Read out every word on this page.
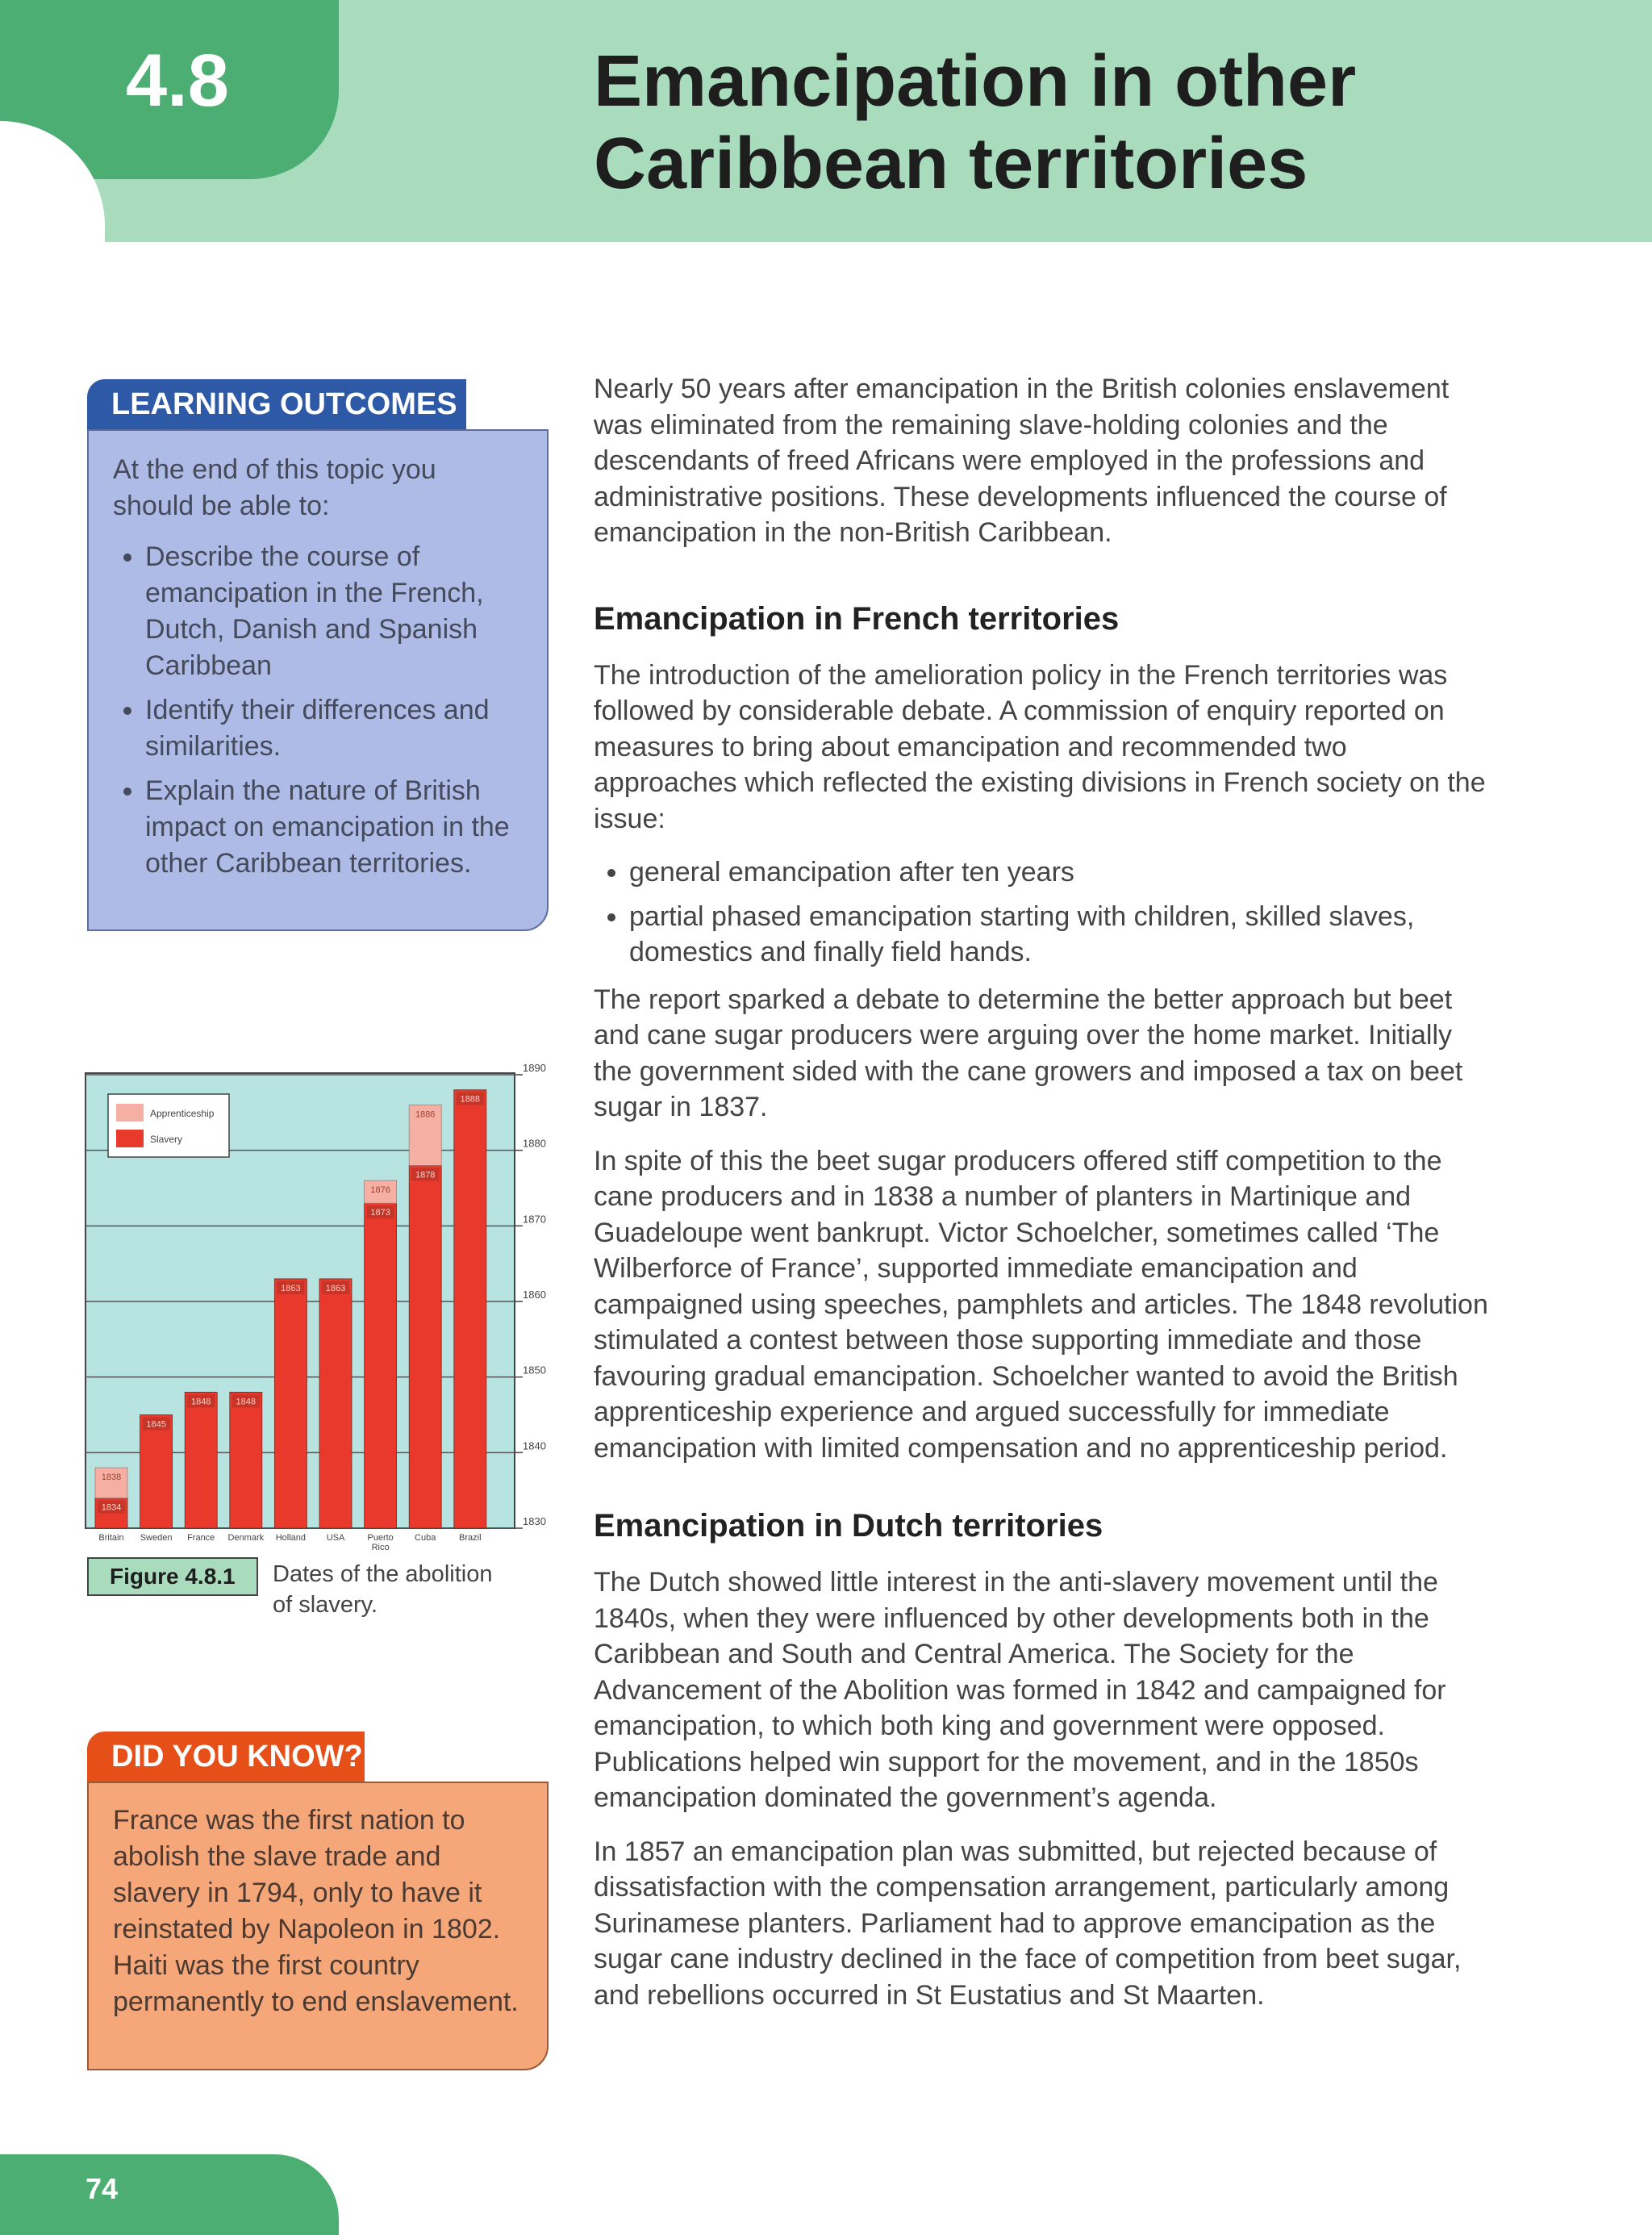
4.8	Emancipation in other
Caribbean territories
LEARNING OUTCOMES

At the end of this topic you should be able to:

• Describe the course of emancipation in the French, Dutch, Danish and Spanish Caribbean
• Identify their differences and similarities.
• Explain the nature of British impact on emancipation in the other Caribbean territories.
1830
1840
1850
1860
1870
1880
1890
1834
1838
1845
1848	1848
1863	1863
1873
1876
1878
1886
1888
Apprenticeship
Slavery
Figure 4.8.1	Dates of the abolition of slavery.
DID YOU KNOW?
France was the first nation to abolish the slave trade and slavery in 1794, only to have it reinstated by Napoleon in 1802. Haiti was the first country permanently to end enslavement.

Nearly 50 years after emancipation in the British colonies enslavement was eliminated from the remaining slave-holding colonies and the descendants of freed Africans were employed in the professions and administrative positions. These developments influenced the course of emancipation in the non-British Caribbean.

Emancipation in French territories

The introduction of the amelioration policy in the French territories was followed by considerable debate. A commission of enquiry reported on measures to bring about emancipation and recommended two approaches which reflected the existing divisions in French society on the issue:

• general emancipation after ten years
• partial phased emancipation starting with children, skilled slaves, domestics and finally field hands.

The report sparked a debate to determine the better approach but beet and cane sugar producers were arguing over the home market. Initially the government sided with the cane growers and imposed a tax on beet sugar in 1837.

In spite of this the beet sugar producers offered stiff competition to the cane producers and in 1838 a number of planters in Martinique and Guadeloupe went bankrupt. Victor Schoelcher, sometimes called ‘The Wilberforce of France’, supported immediate emancipation and campaigned using speeches, pamphlets and articles. The 1848 revolution stimulated a contest between those supporting immediate and those favouring gradual emancipation. Schoelcher wanted to avoid the British apprenticeship experience and argued successfully for immediate emancipation with limited compensation and no apprenticeship period.

Emancipation in Dutch territories

The Dutch showed little interest in the anti-slavery movement until the 1840s, when they were influenced by other developments both in the Caribbean and South and Central America. The Society for the Advancement of the Abolition was formed in 1842 and campaigned for emancipation, to which both king and government were opposed. Publications helped win support for the movement, and in the 1850s emancipation dominated the government’s agenda.

In 1857 an emancipation plan was submitted, but rejected because of dissatisfaction with the compensation arrangement, particularly among Surinamese planters. Parliament had to approve emancipation as the sugar cane industry declined in the face of competition from beet sugar, and rebellions occurred in St Eustatius and St Maarten.

74
Britain	Sweden	France	Denmark	Holland	USA	Puerto Rico
Cuba	Brazil
